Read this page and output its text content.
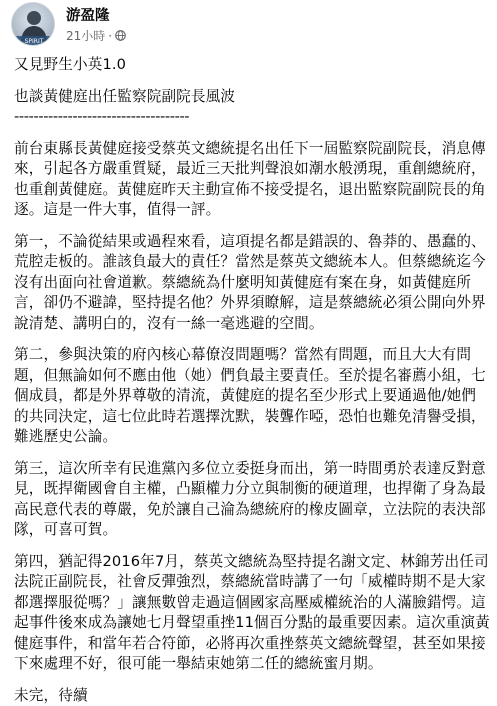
SPIRIT
游盈隆
21小時 ·

又見野生小英1.0

也談黃健庭出任監察院副院長風波

------------------------------------

前台東縣長黃健庭接受蔡英文總統提名出任下一屆監察院副院長，消息傳來，引起各方嚴重質疑，最近三天批判聲浪如潮水般湧現，重創總統府，也重創黃健庭。黃健庭昨天主動宣佈不接受提名，退出監察院副院長的角逐。這是一件大事，值得一評。

第一，不論從結果或過程來看，這項提名都是錯誤的、魯莽的、愚蠢的、荒腔走板的。誰該負最大的責任？當然是蔡英文總統本人。但蔡總統迄今沒有出面向社會道歉。蔡總統為什麼明知黃健庭有案在身，如黃健庭所言，卻仍不避諱，堅持提名他？外界須瞭解，這是蔡總統必須公開向外界說清楚、講明白的，沒有一絲一毫逃避的空間。

第二，參與決策的府內核心幕僚沒問題嗎？當然有問題，而且大大有問題，但無論如何不應由他（她）們負最主要責任。至於提名審薦小組，七個成員，都是外界尊敬的清流，黃健庭的提名至少形式上要通過他/她們的共同決定，這七位此時若選擇沈默，裝聾作啞，恐怕也難免清譽受損，難逃歷史公論。

第三，這次所幸有民進黨內多位立委挺身而出，第一時間勇於表達反對意見，既捍衛國會自主權，凸顯權力分立與制衡的硬道理，也捍衛了身為最高民意代表的尊嚴，免於讓自己淪為總統府的橡皮圖章，立法院的表決部隊，可喜可賀。

第四，猶記得2016年7月，蔡英文總統為堅持提名謝文定、林錦芳出任司法院正副院長，社會反彈強烈，蔡總統當時講了一句「威權時期不是大家都選擇服從嗎？」讓無數曾走過這個國家高壓威權統治的人滿臉錯愕。這起事件後來成為讓她七月聲望重挫11個百分點的最重要因素。這次重演黃健庭事件，和當年若合符節，必將再次重挫蔡英文總統聲望，甚至如果接下來處理不好，很可能一舉結束她第二任的總統蜜月期。

未完，待續
